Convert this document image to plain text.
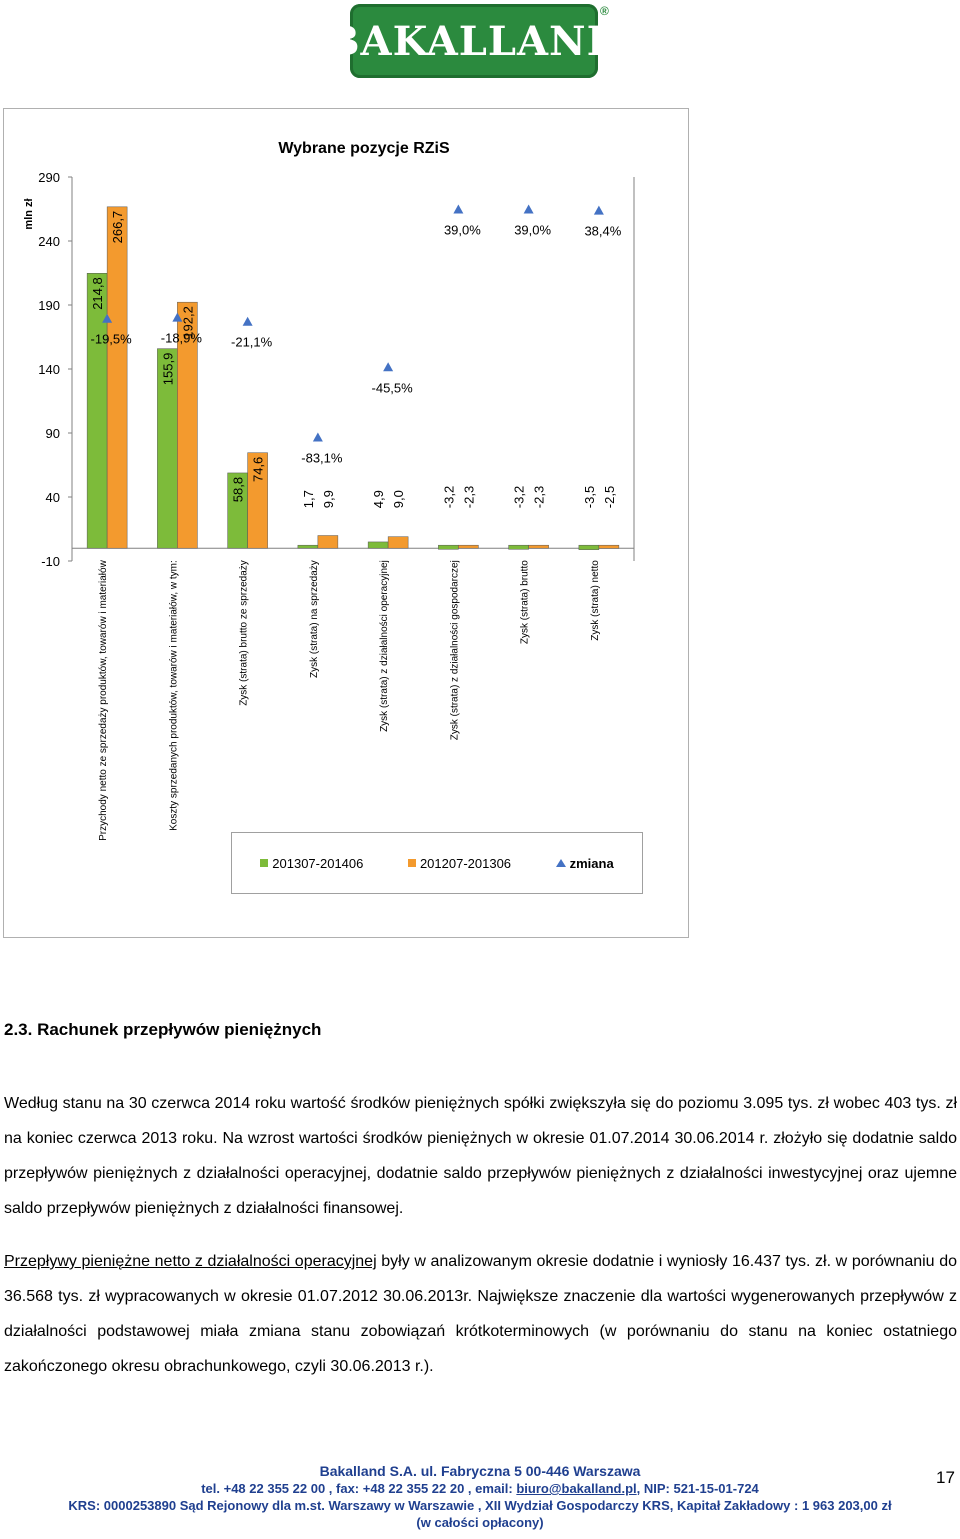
BAKALLAND
®
Wybrane pozycje RZiS
mln zł
-10
40
90
140
190
240
290
214,8
266,7
-19,5%
Przychody netto ze sprzedaży produktów, towarów i materiałów
155,9
192,2
-18,9%
Koszty sprzedanych produktów, towarów i materiałów, w tym:
58,8
74,6
-21,1%
Zysk (strata) brutto ze sprzedaży
1,7 9,9
-83,1%
Zysk (strata) na sprzedaży
4,9 9,0
-45,5%
Zysk (strata) z działalności operacyjnej
-3,2 -2,3
39,0%
Zysk (strata) z działalności gospodarczej
-3,2 -2,3
39,0%
Zysk (strata) brutto
-3,5 -2,5
38,4%
Zysk (strata) netto
201307-201406	201207-201306	zmiana
2.3. Rachunek przepływów pieniężnych

Według stanu na 30 czerwca 2014 roku wartość środków pieniężnych spółki zwiększyła się do poziomu 3.095 tys. zł wobec 403 tys. zł na koniec czerwca 2013 roku. Na wzrost wartości środków pieniężnych w okresie 01.07.2014 30.06.2014 r. złożyło się dodatnie saldo przepływów pieniężnych z działalności operacyjnej, dodatnie saldo przepływów pieniężnych z działalności inwestycyjnej oraz ujemne saldo przepływów pieniężnych z działalności finansowej.

Przepływy pieniężne netto z działalności operacyjnej były w analizowanym okresie dodatnie i wyniosły 16.437 tys. zł. w porównaniu do 36.568 tys. zł wypracowanych w okresie 01.07.2012 30.06.2013r. Największe znaczenie dla wartości wygenerowanych przepływów z działalności podstawowej miała zmiana stanu zobowiązań krótkoterminowych (w porównaniu do stanu na koniec ostatniego zakończonego okresu obrachunkowego, czyli 30.06.2013 r.).

Bakalland S.A. ul. Fabryczna 5 00-446 Warszawa
tel. +48 22 355 22 00 , fax: +48 22 355 22 20 , email: biuro@bakalland.pl, NIP: 521-15-01-724
KRS: 0000253890 Sąd Rejonowy dla m.st. Warszawy w Warszawie , XII Wydział Gospodarczy KRS, Kapitał Zakładowy : 1 963 203,00 zł
(w całości opłacony)
17
